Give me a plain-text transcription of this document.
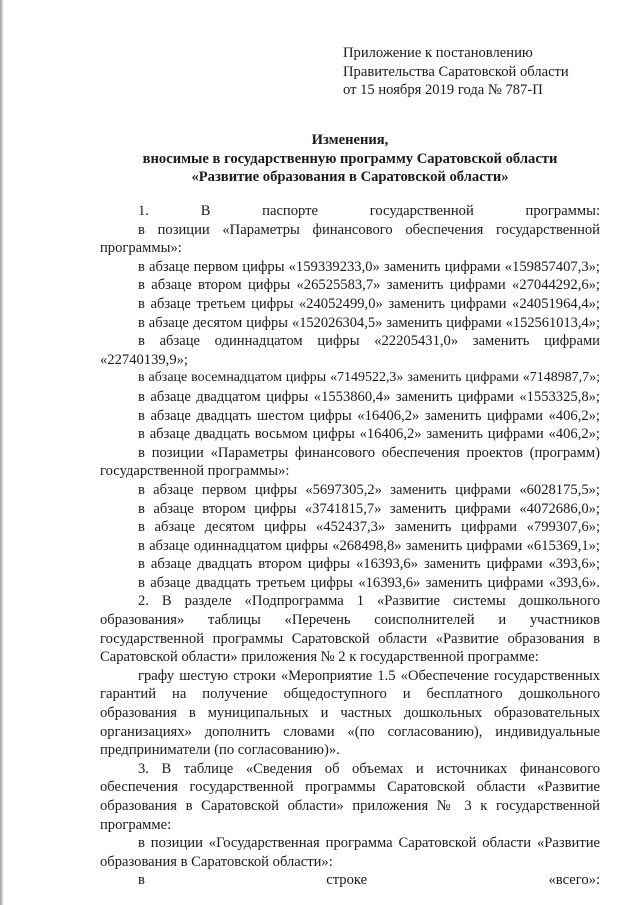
Приложение к постановлению
Правительства Саратовской области
от 15 ноября 2019 года № 787-П
Изменения,
вносимые в государственную программу Саратовской области
«Развитие образования в Саратовской области»

1. В паспорте государственной программы:

в позиции «Параметры финансового обеспечения государственной программы»:

в абзаце первом цифры «159339233,0» заменить цифрами «159857407,3»;

в абзаце втором цифры «26525583,7» заменить цифрами «27044292,6»;

в абзаце третьем цифры «24052499,0» заменить цифрами «24051964,4»;

в абзаце десятом цифры «152026304,5» заменить цифрами «152561013,4»;

в абзаце одиннадцатом цифры «22205431,0» заменить цифрами «22740139,9»;

в абзаце восемнадцатом цифры «7149522,3» заменить цифрами «7148987,7»;

в абзаце двадцатом цифры «1553860,4» заменить цифрами «1553325,8»;

в абзаце двадцать шестом цифры «16406,2» заменить цифрами «406,2»;

в абзаце двадцать восьмом цифры «16406,2» заменить цифрами «406,2»;

в позиции «Параметры финансового обеспечения проектов (программ) государственной программы»:

в абзаце первом цифры «5697305,2» заменить цифрами «6028175,5»;

в абзаце втором цифры «3741815,7» заменить цифрами «4072686,0»;

в абзаце десятом цифры «452437,3» заменить цифрами «799307,6»;

в абзаце одиннадцатом цифры «268498,8» заменить цифрами «615369,1»;

в абзаце двадцать втором цифры «16393,6» заменить цифрами «393,6»;

в абзаце двадцать третьем цифры «16393,6» заменить цифрами «393,6».

2. В разделе «Подпрограмма 1 «Развитие системы дошкольного образования» таблицы «Перечень соисполнителей и участников государственной программы Саратовской области «Развитие образования в Саратовской области» приложения № 2 к государственной программе:

графу шестую строки «Мероприятие 1.5 «Обеспечение государственных гарантий на получение общедоступного и бесплатного дошкольного образования в муниципальных и частных дошкольных образовательных организациях» дополнить словами «(по согласованию), индивидуальные предприниматели (по согласованию)».

3. В таблице «Сведения об объемах и источниках финансового обеспечения государственной программы Саратовской области «Развитие образования в Саратовской области» приложения № 3 к государственной программе:

в позиции «Государственная программа Саратовской области «Развитие образования в Саратовской области»:

в строке «всего»:
